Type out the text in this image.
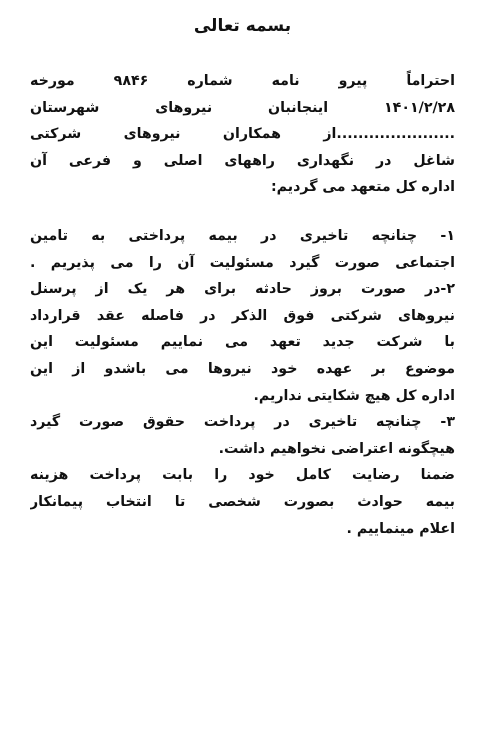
بسمه تعالی
احتراماً پیرو نامه شماره ۹۸۴۶ مورخه
۱۴۰۱/۲/۲۸ اینجانبان نیروهای شهرستان
......................از همکاران نیروهای شرکتی
شاغل در نگهداری راههای اصلی و فرعی آن
اداره کل متعهد می گردیم:
۱- چنانچه تاخیری در بیمه پرداختی به تامین
اجتماعی صورت گیرد مسئولیت آن را می پذیریم .
۲-در صورت بروز حادثه برای هر یک از پرسنل
نیروهای شرکتی فوق الذکر در فاصله عقد قرارداد
با شرکت جدید تعهد می نماییم مسئولیت این
موضوع بر عهده خود نیروها می باشدو از این
اداره کل هیچ شکایتی نداریم.
۳- چنانچه تاخیری در پرداخت حقوق صورت گیرد
هیچگونه اعتراضی نخواهیم داشت.
ضمنا رضایت کامل خود را بابت پرداخت هزینه
بیمه حوادث بصورت شخصی تا انتخاب پیمانکار
اعلام مینماییم .
